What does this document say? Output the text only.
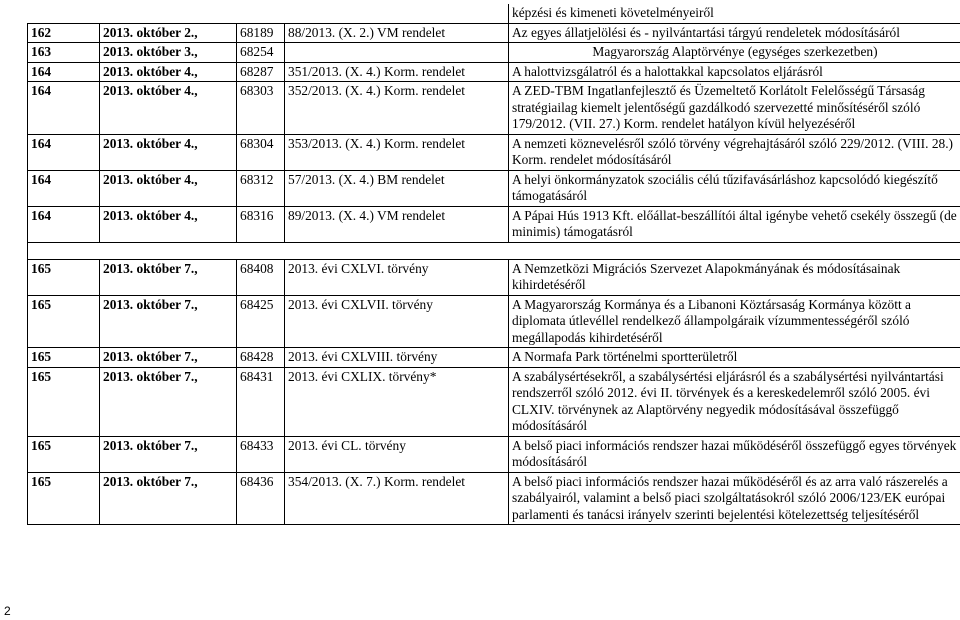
2
				képzési és kimeneti követelményeiről
162	2013. október 2.,	68189	88/2013. (X. 2.) VM rendelet	Az egyes állatjelölési és - nyilvántartási tárgyú rendeletek módosításáról
163	2013. október 3.,	68254		Magyarország Alaptörvénye (egységes szerkezetben)
164	2013. október 4.,	68287	351/2013. (X. 4.) Korm. rendelet	A halottvizsgálatról és a halottakkal kapcsolatos eljárásról
164	2013. október 4.,	68303	352/2013. (X. 4.) Korm. rendelet	A ZED-TBM Ingatlanfejlesztő és Üzemeltető Korlátolt Felelősségű Társaság stratégiailag kiemelt jelentőségű gazdálkodó szervezetté minősítéséről szóló 179/2012. (VII. 27.) Korm. rendelet hatályon kívül helyezéséről
164	2013. október 4.,	68304	353/2013. (X. 4.) Korm. rendelet	A nemzeti köznevelésről szóló törvény végrehajtásáról szóló 229/2012. (VIII. 28.) Korm. rendelet módosításáról
164	2013. október 4.,	68312	57/2013. (X. 4.) BM rendelet	A helyi önkormányzatok szociális célú tűzifavásárláshoz kapcsolódó kiegészítő támogatásáról
164	2013. október 4.,	68316	89/2013. (X. 4.) VM rendelet	A Pápai Hús 1913 Kft. előállat-beszállítói által igénybe vehető csekély összegű (de minimis) támogatásról

165	2013. október 7.,	68408	2013. évi CXLVI. törvény	A Nemzetközi Migrációs Szervezet Alapokmányának és módosításainak kihirdetéséről
165	2013. október 7.,	68425	2013. évi CXLVII. törvény	A Magyarország Kormánya és a Libanoni Köztársaság Kormánya között a diplomata útlevéllel rendelkező állampolgáraik vízummentességéről szóló megállapodás kihirdetéséről
165	2013. október 7.,	68428	2013. évi CXLVIII. törvény	A Normafa Park történelmi sportterületről
165	2013. október 7.,	68431	2013. évi CXLIX. törvény*	A szabálysértésekről, a szabálysértési eljárásról és a szabálysértési nyilvántartási rendszerről szóló 2012. évi II. törvények és a kereskedelemről szóló 2005. évi CLXIV. törvénynek az Alaptörvény negyedik módosításával összefüggő módosításáról
165	2013. október 7.,	68433	2013. évi CL. törvény	A belső piaci információs rendszer hazai működéséről összefüggő egyes törvények módosításáról
165	2013. október 7.,	68436	354/2013. (X. 7.) Korm. rendelet	A belső piaci információs rendszer hazai működéséről és az arra való rászerelés a szabályairól, valamint a belső piaci szolgáltatásokról szóló 2006/123/EK európai parlamenti és tanácsi irányelv szerinti bejelentési kötelezettség teljesítéséről
